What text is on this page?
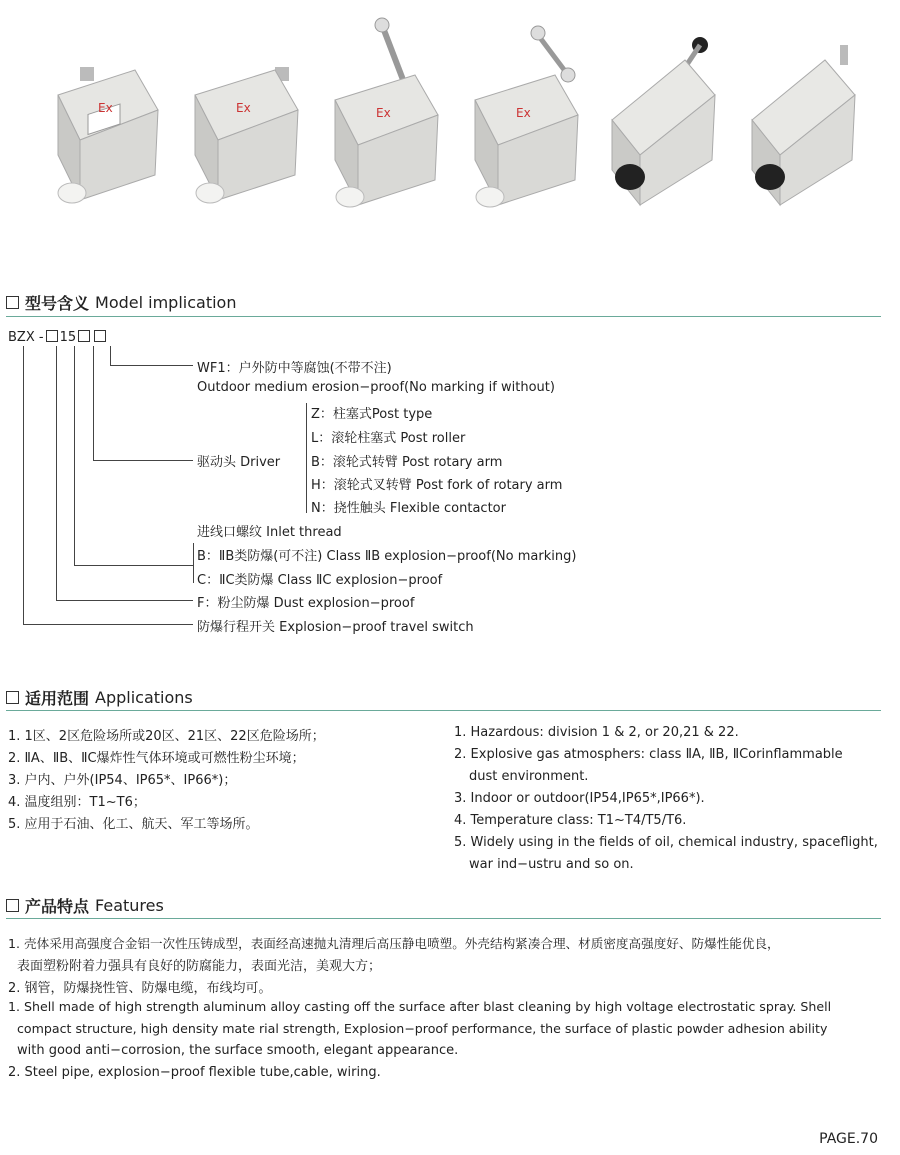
Ex	Ex	Ex	Ex
型号含义 Model implication
BZX - 15
WF1：户外防中等腐蚀(不带不注)
Outdoor medium erosion−proof(No marking if without)
Z：柱塞式Post type
L：滚轮柱塞式 Post roller
驱动头 Driver B：滚轮式转臂 Post rotary arm
H：滚轮式叉转臂 Post fork of rotary arm
N：挠性触头 Flexible contactor
进线口螺纹 Inlet thread
B：ⅡB类防爆(可不注) Class ⅡB explosion−proof(No marking)
C：ⅡC类防爆 Class ⅡC explosion−proof
F：粉尘防爆 Dust explosion−proof
防爆行程开关 Explosion−proof travel switch
适用范围 Applications
1. 1区、2区危险场所或20区、21区、22区危险场所；
2. ⅡA、ⅡB、ⅡC爆炸性气体环境或可燃性粉尘环境；
3. 户内、户外(IP54、IP65*、IP66*)；
4. 温度组别：T1~T6；
5. 应用于石油、化工、航天、军工等场所。
1. Hazardous: division 1 & 2, or 20,21 & 22.
2. Explosive gas atmosphers: class ⅡA, ⅡB, ⅡCorinflammable
dust environment.
3. Indoor or outdoor(IP54,IP65*,IP66*).
4. Temperature class: T1~T4/T5/T6.
5. Widely using in the fields of oil, chemical industry, spaceflight,
war ind−ustru and so on.
产品特点 Features
1. 壳体采用高强度合金铝一次性压铸成型，表面经高速抛丸清理后高压静电喷塑。外壳结构紧凑合理、材质密度高强度好、防爆性能优良，
表面塑粉附着力强具有良好的防腐能力，表面光洁，美观大方；
2. 钢管，防爆挠性管、防爆电缆，布线均可。
1. Shell made of high strength aluminum alloy casting off the surface after blast cleaning by high voltage electrostatic spray. Shell
compact structure, high density mate rial strength, Explosion−proof performance, the surface of plastic powder adhesion ability
with good anti−corrosion, the surface smooth, elegant appearance.
2. Steel pipe, explosion−proof flexible tube,cable, wiring.
PAGE.70
